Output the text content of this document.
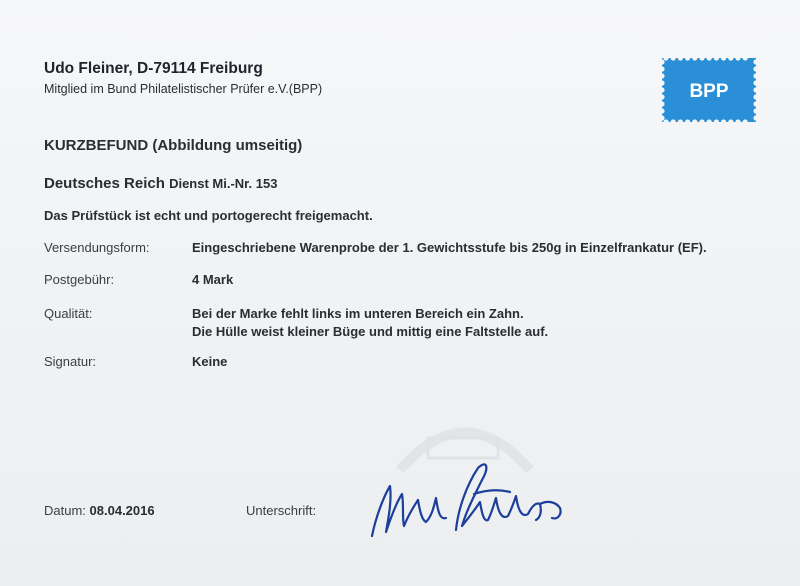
Udo Fleiner, D-79114 Freiburg
Mitglied im Bund Philatelistischer Prüfer e.V.(BPP)	BPP
KURZBEFUND (Abbildung umseitig)
Deutsches Reich Dienst Mi.-Nr. 153
Das Prüfstück ist echt und portogerecht freigemacht.
Versendungsform:	Eingeschriebene Warenprobe der 1. Gewichtsstufe bis 250g in Einzelfrankatur (EF).
Postgebühr:	4 Mark
Qualität:	Bei der Marke fehlt links im unteren Bereich ein Zahn.
Die Hülle weist kleiner Büge und mittig eine Faltstelle auf.
Signatur:	Keine
Datum: 08.04.2016	Unterschrift:
